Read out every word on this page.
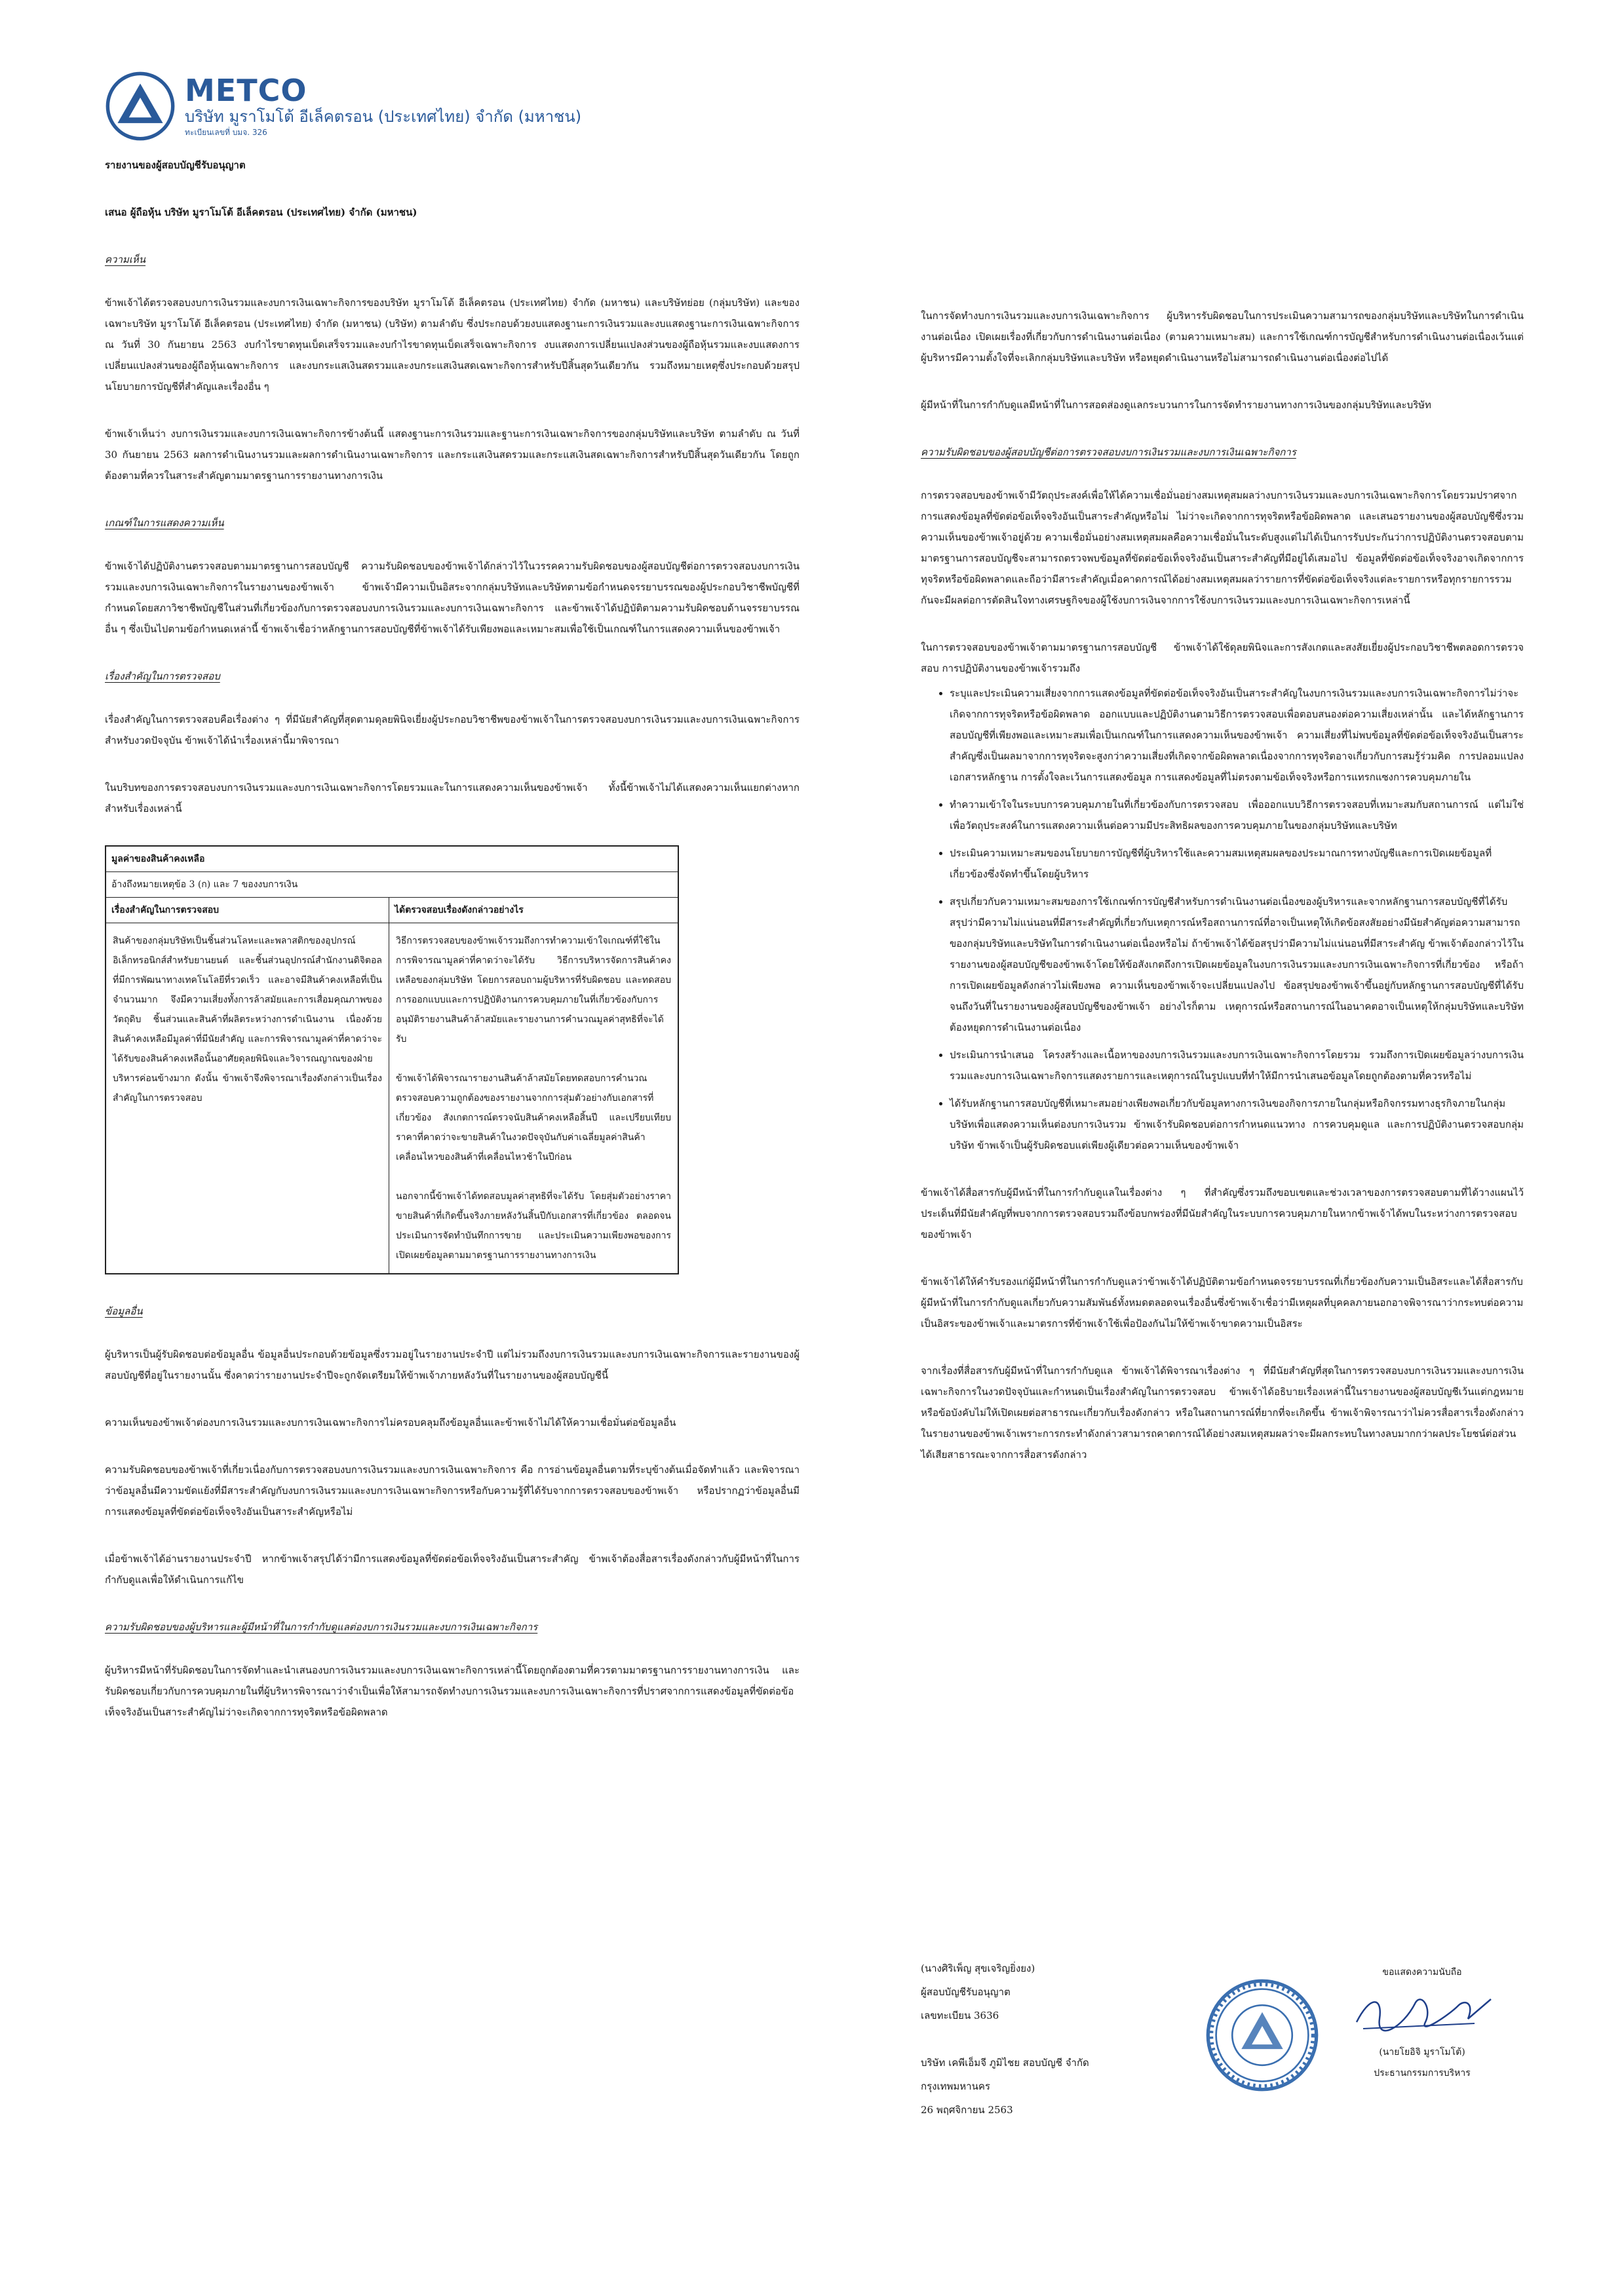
METCO
บริษัท มูราโมโต้ อีเล็คตรอน (ประเทศไทย) จำกัด (มหาชน)
ทะเบียนเลขที่ บมจ. 326

รายงานของผู้สอบบัญชีรับอนุญาต

เสนอ ผู้ถือหุ้น บริษัท มูราโมโต้ อีเล็คตรอน (ประเทศไทย) จำกัด (มหาชน)

ความเห็น

ข้าพเจ้าได้ตรวจสอบงบการเงินรวมและงบการเงินเฉพาะกิจการของบริษัท มูราโมโต้ อีเล็คตรอน (ประเทศไทย) จำกัด (มหาชน) และบริษัทย่อย (กลุ่มบริษัท) และของเฉพาะบริษัท มูราโมโต้ อีเล็คตรอน (ประเทศไทย) จำกัด (มหาชน) (บริษัท) ตามลำดับ ซึ่งประกอบด้วยงบแสดงฐานะการเงินรวมและงบแสดงฐานะการเงินเฉพาะกิจการ ณ วันที่ 30 กันยายน 2563 งบกำไรขาดทุนเบ็ดเสร็จรวมและงบกำไรขาดทุนเบ็ดเสร็จเฉพาะกิจการ งบแสดงการเปลี่ยนแปลงส่วนของผู้ถือหุ้นรวมและงบแสดงการเปลี่ยนแปลงส่วนของผู้ถือหุ้นเฉพาะกิจการ และงบกระแสเงินสดรวมและงบกระแสเงินสดเฉพาะกิจการสำหรับปีสิ้นสุดวันเดียวกัน รวมถึงหมายเหตุซึ่งประกอบด้วยสรุปนโยบายการบัญชีที่สำคัญและเรื่องอื่น ๆ

ข้าพเจ้าเห็นว่า งบการเงินรวมและงบการเงินเฉพาะกิจการข้างต้นนี้ แสดงฐานะการเงินรวมและฐานะการเงินเฉพาะกิจการของกลุ่มบริษัทและบริษัท ตามลำดับ ณ วันที่ 30 กันยายน 2563 ผลการดำเนินงานรวมและผลการดำเนินงานเฉพาะกิจการ และกระแสเงินสดรวมและกระแสเงินสดเฉพาะกิจการสำหรับปีสิ้นสุดวันเดียวกัน โดยถูกต้องตามที่ควรในสาระสำคัญตามมาตรฐานการรายงานทางการเงิน

เกณฑ์ในการแสดงความเห็น

ข้าพเจ้าได้ปฏิบัติงานตรวจสอบตามมาตรฐานการสอบบัญชี ความรับผิดชอบของข้าพเจ้าได้กล่าวไว้ในวรรคความรับผิดชอบของผู้สอบบัญชีต่อการตรวจสอบงบการเงินรวมและงบการเงินเฉพาะกิจการในรายงานของข้าพเจ้า ข้าพเจ้ามีความเป็นอิสระจากกลุ่มบริษัทและบริษัทตามข้อกำหนดจรรยาบรรณของผู้ประกอบวิชาชีพบัญชีที่กำหนดโดยสภาวิชาชีพบัญชีในส่วนที่เกี่ยวข้องกับการตรวจสอบงบการเงินรวมและงบการเงินเฉพาะกิจการ และข้าพเจ้าได้ปฏิบัติตามความรับผิดชอบด้านจรรยาบรรณอื่น ๆ ซึ่งเป็นไปตามข้อกำหนดเหล่านี้ ข้าพเจ้าเชื่อว่าหลักฐานการสอบบัญชีที่ข้าพเจ้าได้รับเพียงพอและเหมาะสมเพื่อใช้เป็นเกณฑ์ในการแสดงความเห็นของข้าพเจ้า

เรื่องสำคัญในการตรวจสอบ

เรื่องสำคัญในการตรวจสอบคือเรื่องต่าง ๆ ที่มีนัยสำคัญที่สุดตามดุลยพินิจเยี่ยงผู้ประกอบวิชาชีพของข้าพเจ้าในการตรวจสอบงบการเงินรวมและงบการเงินเฉพาะกิจการสำหรับงวดปัจจุบัน ข้าพเจ้าได้นำเรื่องเหล่านี้มาพิจารณา

ในบริบทของการตรวจสอบงบการเงินรวมและงบการเงินเฉพาะกิจการโดยรวมและในการแสดงความเห็นของข้าพเจ้า ทั้งนี้ข้าพเจ้าไม่ได้แสดงความเห็นแยกต่างหากสำหรับเรื่องเหล่านี้

มูลค่าของสินค้าคงเหลือ
อ้างถึงหมายเหตุข้อ 3 (ก) และ 7 ของงบการเงิน
เรื่องสำคัญในการตรวจสอบ	ได้ตรวจสอบเรื่องดังกล่าวอย่างไร
สินค้าของกลุ่มบริษัทเป็นชิ้นส่วนโลหะและพลาสติกของอุปกรณ์อิเล็กทรอนิกส์สำหรับยานยนต์ และชิ้นส่วนอุปกรณ์สำนักงานดิจิตอล ที่มีการพัฒนาทางเทคโนโลยีที่รวดเร็ว และอาจมีสินค้าคงเหลือที่เป็นจำนวนมาก จึงมีความเสี่ยงทั้งการล้าสมัยและการเสื่อมคุณภาพของวัตถุดิบ ชิ้นส่วนและสินค้าที่ผลิตระหว่างการดำเนินงาน เนื่องด้วยสินค้าคงเหลือมีมูลค่าที่มีนัยสำคัญ และการพิจารณามูลค่าที่คาดว่าจะได้รับของสินค้าคงเหลือนั้นอาศัยดุลยพินิจและวิจารณญาณของฝ่ายบริหารค่อนข้างมาก ดังนั้น ข้าพเจ้าจึงพิจารณาเรื่องดังกล่าวเป็นเรื่องสำคัญในการตรวจสอบ

วิธีการตรวจสอบของข้าพเจ้ารวมถึงการทำความเข้าใจเกณฑ์ที่ใช้ในการพิจารณามูลค่าที่คาดว่าจะได้รับ วิธีการบริหารจัดการสินค้าคงเหลือของกลุ่มบริษัท โดยการสอบถามผู้บริหารที่รับผิดชอบ และทดสอบการออกแบบและการปฏิบัติงานการควบคุมภายในที่เกี่ยวข้องกับการอนุมัติรายงานสินค้าล้าสมัยและรายงานการคำนวณมูลค่าสุทธิที่จะได้รับ

ข้าพเจ้าได้พิจารณารายงานสินค้าล้าสมัยโดยทดสอบการคำนวณ ตรวจสอบความถูกต้องของรายงานจากการสุ่มตัวอย่างกับเอกสารที่เกี่ยวข้อง สังเกตการณ์ตรวจนับสินค้าคงเหลือสิ้นปี และเปรียบเทียบราคาที่คาดว่าจะขายสินค้าในงวดปัจจุบันกับค่าเฉลี่ยมูลค่าสินค้าเคลื่อนไหวของสินค้าที่เคลื่อนไหวช้าในปีก่อน

นอกจากนี้ข้าพเจ้าได้ทดสอบมูลค่าสุทธิที่จะได้รับ โดยสุ่มตัวอย่างราคาขายสินค้าที่เกิดขึ้นจริงภายหลังวันสิ้นปีกับเอกสารที่เกี่ยวข้อง ตลอดจนประเมินการจัดทำบันทึกการขาย และประเมินความเพียงพอของการเปิดเผยข้อมูลตามมาตรฐานการรายงานทางการเงิน

ข้อมูลอื่น

ผู้บริหารเป็นผู้รับผิดชอบต่อข้อมูลอื่น ข้อมูลอื่นประกอบด้วยข้อมูลซึ่งรวมอยู่ในรายงานประจำปี แต่ไม่รวมถึงงบการเงินรวมและงบการเงินเฉพาะกิจการและรายงานของผู้สอบบัญชีที่อยู่ในรายงานนั้น ซึ่งคาดว่ารายงานประจำปีจะถูกจัดเตรียมให้ข้าพเจ้าภายหลังวันที่ในรายงานของผู้สอบบัญชีนี้

ความเห็นของข้าพเจ้าต่องบการเงินรวมและงบการเงินเฉพาะกิจการไม่ครอบคลุมถึงข้อมูลอื่นและข้าพเจ้าไม่ได้ให้ความเชื่อมั่นต่อข้อมูลอื่น

ความรับผิดชอบของข้าพเจ้าที่เกี่ยวเนื่องกับการตรวจสอบงบการเงินรวมและงบการเงินเฉพาะกิจการ คือ การอ่านข้อมูลอื่นตามที่ระบุข้างต้นเมื่อจัดทำแล้ว และพิจารณาว่าข้อมูลอื่นมีความขัดแย้งที่มีสาระสำคัญกับงบการเงินรวมและงบการเงินเฉพาะกิจการหรือกับความรู้ที่ได้รับจากการตรวจสอบของข้าพเจ้า หรือปรากฏว่าข้อมูลอื่นมีการแสดงข้อมูลที่ขัดต่อข้อเท็จจริงอันเป็นสาระสำคัญหรือไม่

เมื่อข้าพเจ้าได้อ่านรายงานประจำปี หากข้าพเจ้าสรุปได้ว่ามีการแสดงข้อมูลที่ขัดต่อข้อเท็จจริงอันเป็นสาระสำคัญ ข้าพเจ้าต้องสื่อสารเรื่องดังกล่าวกับผู้มีหน้าที่ในการกำกับดูแลเพื่อให้ดำเนินการแก้ไข

ความรับผิดชอบของผู้บริหารและผู้มีหน้าที่ในการกำกับดูแลต่องบการเงินรวมและงบการเงินเฉพาะกิจการ

ผู้บริหารมีหน้าที่รับผิดชอบในการจัดทำและนำเสนองบการเงินรวมและงบการเงินเฉพาะกิจการเหล่านี้โดยถูกต้องตามที่ควรตามมาตรฐานการรายงานทางการเงิน และรับผิดชอบเกี่ยวกับการควบคุมภายในที่ผู้บริหารพิจารณาว่าจำเป็นเพื่อให้สามารถจัดทำงบการเงินรวมและงบการเงินเฉพาะกิจการที่ปราศจากการแสดงข้อมูลที่ขัดต่อข้อเท็จจริงอันเป็นสาระสำคัญไม่ว่าจะเกิดจากการทุจริตหรือข้อผิดพลาด

ในการจัดทำงบการเงินรวมและงบการเงินเฉพาะกิจการ ผู้บริหารรับผิดชอบในการประเมินความสามารถของกลุ่มบริษัทและบริษัทในการดำเนินงานต่อเนื่อง เปิดเผยเรื่องที่เกี่ยวกับการดำเนินงานต่อเนื่อง (ตามความเหมาะสม) และการใช้เกณฑ์การบัญชีสำหรับการดำเนินงานต่อเนื่องเว้นแต่ผู้บริหารมีความตั้งใจที่จะเลิกกลุ่มบริษัทและบริษัท หรือหยุดดำเนินงานหรือไม่สามารถดำเนินงานต่อเนื่องต่อไปได้

ผู้มีหน้าที่ในการกำกับดูแลมีหน้าที่ในการสอดส่องดูแลกระบวนการในการจัดทำรายงานทางการเงินของกลุ่มบริษัทและบริษัท

ความรับผิดชอบของผู้สอบบัญชีต่อการตรวจสอบงบการเงินรวมและงบการเงินเฉพาะกิจการ

การตรวจสอบของข้าพเจ้ามีวัตถุประสงค์เพื่อให้ได้ความเชื่อมั่นอย่างสมเหตุสมผลว่างบการเงินรวมและงบการเงินเฉพาะกิจการโดยรวมปราศจากการแสดงข้อมูลที่ขัดต่อข้อเท็จจริงอันเป็นสาระสำคัญหรือไม่ ไม่ว่าจะเกิดจากการทุจริตหรือข้อผิดพลาด และเสนอรายงานของผู้สอบบัญชีซึ่งรวมความเห็นของข้าพเจ้าอยู่ด้วย ความเชื่อมั่นอย่างสมเหตุสมผลคือความเชื่อมั่นในระดับสูงแต่ไม่ได้เป็นการรับประกันว่าการปฏิบัติงานตรวจสอบตามมาตรฐานการสอบบัญชีจะสามารถตรวจพบข้อมูลที่ขัดต่อข้อเท็จจริงอันเป็นสาระสำคัญที่มีอยู่ได้เสมอไป ข้อมูลที่ขัดต่อข้อเท็จจริงอาจเกิดจากการทุจริตหรือข้อผิดพลาดและถือว่ามีสาระสำคัญเมื่อคาดการณ์ได้อย่างสมเหตุสมผลว่ารายการที่ขัดต่อข้อเท็จจริงแต่ละรายการหรือทุกรายการรวมกันจะมีผลต่อการตัดสินใจทางเศรษฐกิจของผู้ใช้งบการเงินจากการใช้งบการเงินรวมและงบการเงินเฉพาะกิจการเหล่านี้

ในการตรวจสอบของข้าพเจ้าตามมาตรฐานการสอบบัญชี ข้าพเจ้าได้ใช้ดุลยพินิจและการสังเกตและสงสัยเยี่ยงผู้ประกอบวิชาชีพตลอดการตรวจสอบ การปฏิบัติงานของข้าพเจ้ารวมถึง

• ระบุและประเมินความเสี่ยงจากการแสดงข้อมูลที่ขัดต่อข้อเท็จจริงอันเป็นสาระสำคัญในงบการเงินรวมและงบการเงินเฉพาะกิจการไม่ว่าจะเกิดจากการทุจริตหรือข้อผิดพลาด ออกแบบและปฏิบัติงานตามวิธีการตรวจสอบเพื่อตอบสนองต่อความเสี่ยงเหล่านั้น และได้หลักฐานการสอบบัญชีที่เพียงพอและเหมาะสมเพื่อเป็นเกณฑ์ในการแสดงความเห็นของข้าพเจ้า ความเสี่ยงที่ไม่พบข้อมูลที่ขัดต่อข้อเท็จจริงอันเป็นสาระสำคัญซึ่งเป็นผลมาจากการทุจริตจะสูงกว่าความเสี่ยงที่เกิดจากข้อผิดพลาดเนื่องจากการทุจริตอาจเกี่ยวกับการสมรู้ร่วมคิด การปลอมแปลงเอกสารหลักฐาน การตั้งใจละเว้นการแสดงข้อมูล การแสดงข้อมูลที่ไม่ตรงตามข้อเท็จจริงหรือการแทรกแซงการควบคุมภายใน
• ทำความเข้าใจในระบบการควบคุมภายในที่เกี่ยวข้องกับการตรวจสอบ เพื่อออกแบบวิธีการตรวจสอบที่เหมาะสมกับสถานการณ์ แต่ไม่ใช่เพื่อวัตถุประสงค์ในการแสดงความเห็นต่อความมีประสิทธิผลของการควบคุมภายในของกลุ่มบริษัทและบริษัท
• ประเมินความเหมาะสมของนโยบายการบัญชีที่ผู้บริหารใช้และความสมเหตุสมผลของประมาณการทางบัญชีและการเปิดเผยข้อมูลที่เกี่ยวข้องซึ่งจัดทำขึ้นโดยผู้บริหาร
• สรุปเกี่ยวกับความเหมาะสมของการใช้เกณฑ์การบัญชีสำหรับการดำเนินงานต่อเนื่องของผู้บริหารและจากหลักฐานการสอบบัญชีที่ได้รับ สรุปว่ามีความไม่แน่นอนที่มีสาระสำคัญที่เกี่ยวกับเหตุการณ์หรือสถานการณ์ที่อาจเป็นเหตุให้เกิดข้อสงสัยอย่างมีนัยสำคัญต่อความสามารถของกลุ่มบริษัทและบริษัทในการดำเนินงานต่อเนื่องหรือไม่ ถ้าข้าพเจ้าได้ข้อสรุปว่ามีความไม่แน่นอนที่มีสาระสำคัญ ข้าพเจ้าต้องกล่าวไว้ในรายงานของผู้สอบบัญชีของข้าพเจ้าโดยให้ข้อสังเกตถึงการเปิดเผยข้อมูลในงบการเงินรวมและงบการเงินเฉพาะกิจการที่เกี่ยวข้อง หรือถ้าการเปิดเผยข้อมูลดังกล่าวไม่เพียงพอ ความเห็นของข้าพเจ้าจะเปลี่ยนแปลงไป ข้อสรุปของข้าพเจ้าขึ้นอยู่กับหลักฐานการสอบบัญชีที่ได้รับจนถึงวันที่ในรายงานของผู้สอบบัญชีของข้าพเจ้า อย่างไรก็ตาม เหตุการณ์หรือสถานการณ์ในอนาคตอาจเป็นเหตุให้กลุ่มบริษัทและบริษัทต้องหยุดการดำเนินงานต่อเนื่อง
• ประเมินการนำเสนอ โครงสร้างและเนื้อหาของงบการเงินรวมและงบการเงินเฉพาะกิจการโดยรวม รวมถึงการเปิดเผยข้อมูลว่างบการเงินรวมและงบการเงินเฉพาะกิจการแสดงรายการและเหตุการณ์ในรูปแบบที่ทำให้มีการนำเสนอข้อมูลโดยถูกต้องตามที่ควรหรือไม่
• ได้รับหลักฐานการสอบบัญชีที่เหมาะสมอย่างเพียงพอเกี่ยวกับข้อมูลทางการเงินของกิจการภายในกลุ่มหรือกิจกรรมทางธุรกิจภายในกลุ่มบริษัทเพื่อแสดงความเห็นต่องบการเงินรวม ข้าพเจ้ารับผิดชอบต่อการกำหนดแนวทาง การควบคุมดูแล และการปฏิบัติงานตรวจสอบกลุ่มบริษัท ข้าพเจ้าเป็นผู้รับผิดชอบแต่เพียงผู้เดียวต่อความเห็นของข้าพเจ้า

ข้าพเจ้าได้สื่อสารกับผู้มีหน้าที่ในการกำกับดูแลในเรื่องต่าง ๆ ที่สำคัญซึ่งรวมถึงขอบเขตและช่วงเวลาของการตรวจสอบตามที่ได้วางแผนไว้ ประเด็นที่มีนัยสำคัญที่พบจากการตรวจสอบรวมถึงข้อบกพร่องที่มีนัยสำคัญในระบบการควบคุมภายในหากข้าพเจ้าได้พบในระหว่างการตรวจสอบของข้าพเจ้า

ข้าพเจ้าได้ให้คำรับรองแก่ผู้มีหน้าที่ในการกำกับดูแลว่าข้าพเจ้าได้ปฏิบัติตามข้อกำหนดจรรยาบรรณที่เกี่ยวข้องกับความเป็นอิสระและได้สื่อสารกับผู้มีหน้าที่ในการกำกับดูแลเกี่ยวกับความสัมพันธ์ทั้งหมดตลอดจนเรื่องอื่นซึ่งข้าพเจ้าเชื่อว่ามีเหตุผลที่บุคคลภายนอกอาจพิจารณาว่ากระทบต่อความเป็นอิสระของข้าพเจ้าและมาตรการที่ข้าพเจ้าใช้เพื่อป้องกันไม่ให้ข้าพเจ้าขาดความเป็นอิสระ

จากเรื่องที่สื่อสารกับผู้มีหน้าที่ในการกำกับดูแล ข้าพเจ้าได้พิจารณาเรื่องต่าง ๆ ที่มีนัยสำคัญที่สุดในการตรวจสอบงบการเงินรวมและงบการเงินเฉพาะกิจการในงวดปัจจุบันและกำหนดเป็นเรื่องสำคัญในการตรวจสอบ ข้าพเจ้าได้อธิบายเรื่องเหล่านี้ในรายงานของผู้สอบบัญชีเว้นแต่กฎหมายหรือข้อบังคับไม่ให้เปิดเผยต่อสาธารณะเกี่ยวกับเรื่องดังกล่าว หรือในสถานการณ์ที่ยากที่จะเกิดขึ้น ข้าพเจ้าพิจารณาว่าไม่ควรสื่อสารเรื่องดังกล่าวในรายงานของข้าพเจ้าเพราะการกระทำดังกล่าวสามารถคาดการณ์ได้อย่างสมเหตุสมผลว่าจะมีผลกระทบในทางลบมากกว่าผลประโยชน์ต่อส่วนได้เสียสาธารณะจากการสื่อสารดังกล่าว

(นางศิริเพ็ญ สุขเจริญยิ่งยง)
ผู้สอบบัญชีรับอนุญาต
เลขทะเบียน 3636
บริษัท เคพีเอ็มจี ภูมิไชย สอบบัญชี จำกัด
กรุงเทพมหานคร
26 พฤศจิกายน 2563
ขอแสดงความนับถือ
(นายโยอิจิ มูราโมโต้)
ประธานกรรมการบริหาร
